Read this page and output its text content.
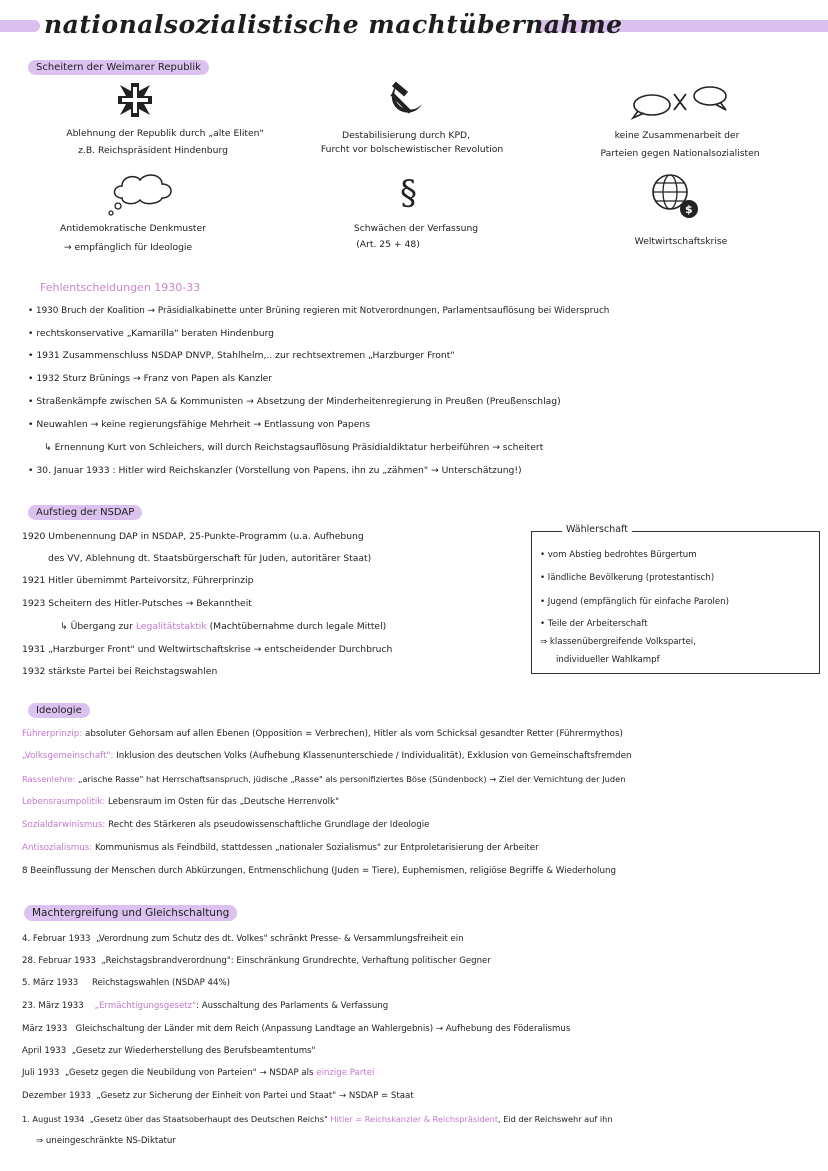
nationalsozialistische machtübernahme
Scheitern der Weimarer Republik
§	$
Ablehnung der Republik durch „alte Eliten"
z.B. Reichspräsident Hindenburg
Destabilisierung durch KPD,
Furcht vor bolschewistischer Revolution
keine Zusammenarbeit der
Parteien gegen Nationalsozialisten
Antidemokratische Denkmuster
→ empfänglich für Ideologie
Schwächen der Verfassung
(Art. 25 + 48)	Weltwirtschaftskrise
Fehlentscheidungen 1930-33
• 1930 Bruch der Koalition → Präsidialkabinette unter Brüning regieren mit Notverordnungen, Parlamentsauflösung bei Widerspruch
• rechtskonservative „Kamarilla" beraten Hindenburg
• 1931 Zusammenschluss NSDAP DNVP, Stahlhelm,.. zur rechtsextremen „Harzburger Front"
• 1932 Sturz Brünings → Franz von Papen als Kanzler
• Straßenkämpfe zwischen SA & Kommunisten → Absetzung der Minderheitenregierung in Preußen (Preußenschlag)
• Neuwahlen → keine regierungsfähige Mehrheit → Entlassung von Papens
↳ Ernennung Kurt von Schleichers, will durch Reichstagsauflösung Präsidialdiktatur herbeiführen → scheitert
• 30. Januar 1933 : Hitler wird Reichskanzler (Vorstellung von Papens, ihn zu „zähmen" → Unterschätzung!)
Aufstieg der NSDAP
1920 Umbenennung DAP in NSDAP, 25-Punkte-Programm (u.a. Aufhebung
des VV, Ablehnung dt. Staatsbürgerschaft für Juden, autoritärer Staat)
1921 Hitler übernimmt Parteivorsitz, Führerprinzip
1923 Scheitern des Hitler-Putsches → Bekanntheit
↳ Übergang zur Legalitätstaktik (Machtübernahme durch legale Mittel)
1931 „Harzburger Front" und Weltwirtschaftskrise → entscheidender Durchbruch
1932 stärkste Partei bei Reichstagswahlen
Wählerschaft
• vom Abstieg bedrohtes Bürgertum
• ländliche Bevölkerung (protestantisch)
• Jugend (empfänglich für einfache Parolen)
• Teile der Arbeiterschaft
⇒ klassenübergreifende Volkspartei,
individueller Wahlkampf
Ideologie
Führerprinzip: absoluter Gehorsam auf allen Ebenen (Opposition = Verbrechen), Hitler als vom Schicksal gesandter Retter (Führermythos)
„Volksgemeinschaft": Inklusion des deutschen Volks (Aufhebung Klassenunterschiede / Individualität), Exklusion von Gemeinschaftsfremden
Rassenlehre: „arische Rasse" hat Herrschaftsanspruch, jüdische „Rasse" als personifiziertes Böse (Sündenbock) → Ziel der Vernichtung der Juden
Lebensraumpolitik: Lebensraum im Osten für das „Deutsche Herrenvolk"
Sozialdarwinismus: Recht des Stärkeren als pseudowissenschaftliche Grundlage der Ideologie
Antisozialismus: Kommunismus als Feindbild, stattdessen „nationaler Sozialismus" zur Entproletarisierung der Arbeiter
8 Beeinflussung der Menschen durch Abkürzungen, Entmenschlichung (Juden = Tiere), Euphemismen, religiöse Begriffe & Wiederholung
Machtergreifung und Gleichschaltung
4. Februar 1933 „Verordnung zum Schutz des dt. Volkes" schränkt Presse- & Versammlungsfreiheit ein
28. Februar 1933 „Reichstagsbrandverordnung": Einschränkung Grundrechte, Verhaftung politischer Gegner
5. März 1933 Reichstagswahlen (NSDAP 44%)
23. März 1933 „Ermächtigungsgesetz": Ausschaltung des Parlaments & Verfassung
März 1933 Gleichschaltung der Länder mit dem Reich (Anpassung Landtage an Wahlergebnis) → Aufhebung des Föderalismus
April 1933 „Gesetz zur Wiederherstellung des Berufsbeamtentums"
Juli 1933 „Gesetz gegen die Neubildung von Parteien" → NSDAP als einzige Partei
Dezember 1933 „Gesetz zur Sicherung der Einheit von Partei und Staat" → NSDAP = Staat
1. August 1934 „Gesetz über das Staatsoberhaupt des Deutschen Reichs" Hitler = Reichskanzler & Reichspräsident, Eid der Reichswehr auf ihn
⇒ uneingeschränkte NS-Diktatur
